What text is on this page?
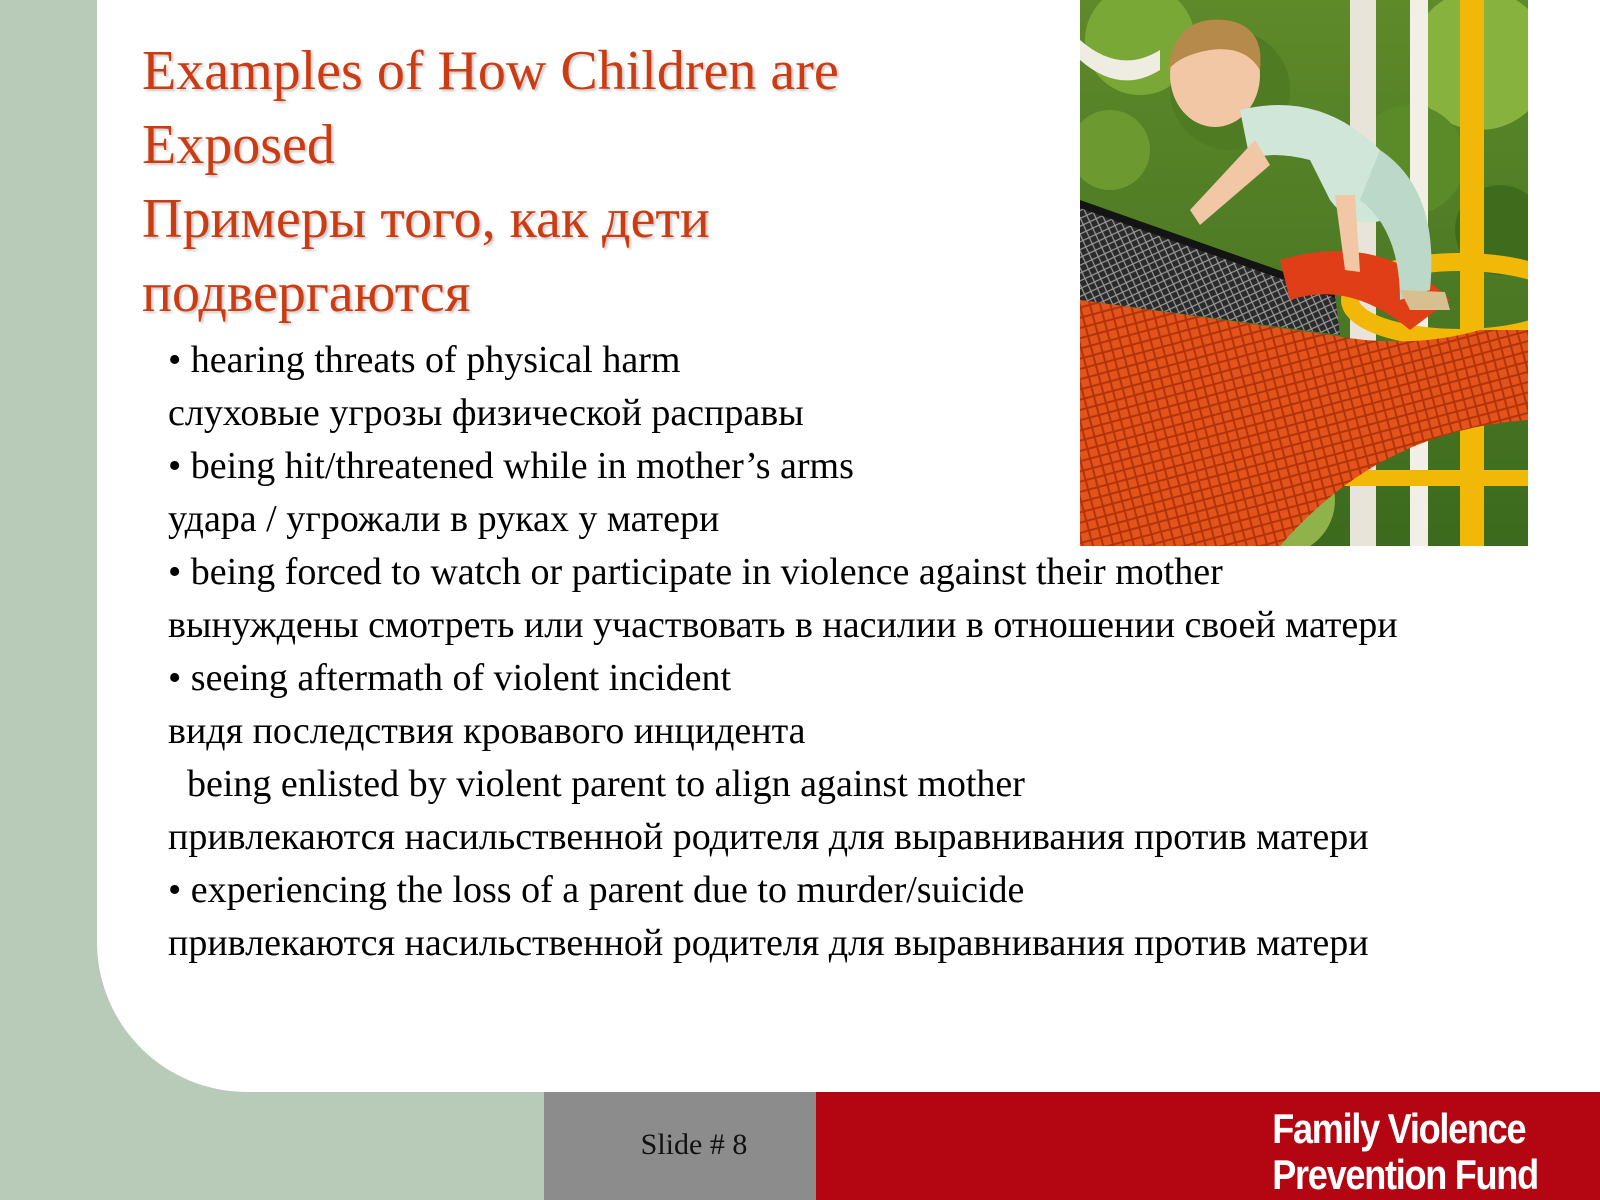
Examples of How Children are
Exposed
Примеры того, как дети
подвергаются
• hearing threats of physical harm
слуховые угрозы физической расправы
• being hit/threatened while in mother’s arms
удара / угрожали в руках у матери
• being forced to watch or participate in violence against their mother
вынуждены смотреть или участвовать в насилии в отношении своей матери
• seeing aftermath of violent incident
видя последствия кровавого инцидента
being enlisted by violent parent to align against mother
привлекаются насильственной родителя для выравнивания против матери
• experiencing the loss of a parent due to murder/suicide
привлекаются насильственной родителя для выравнивания против матери
Slide # 8	Family Violence
Prevention Fund
